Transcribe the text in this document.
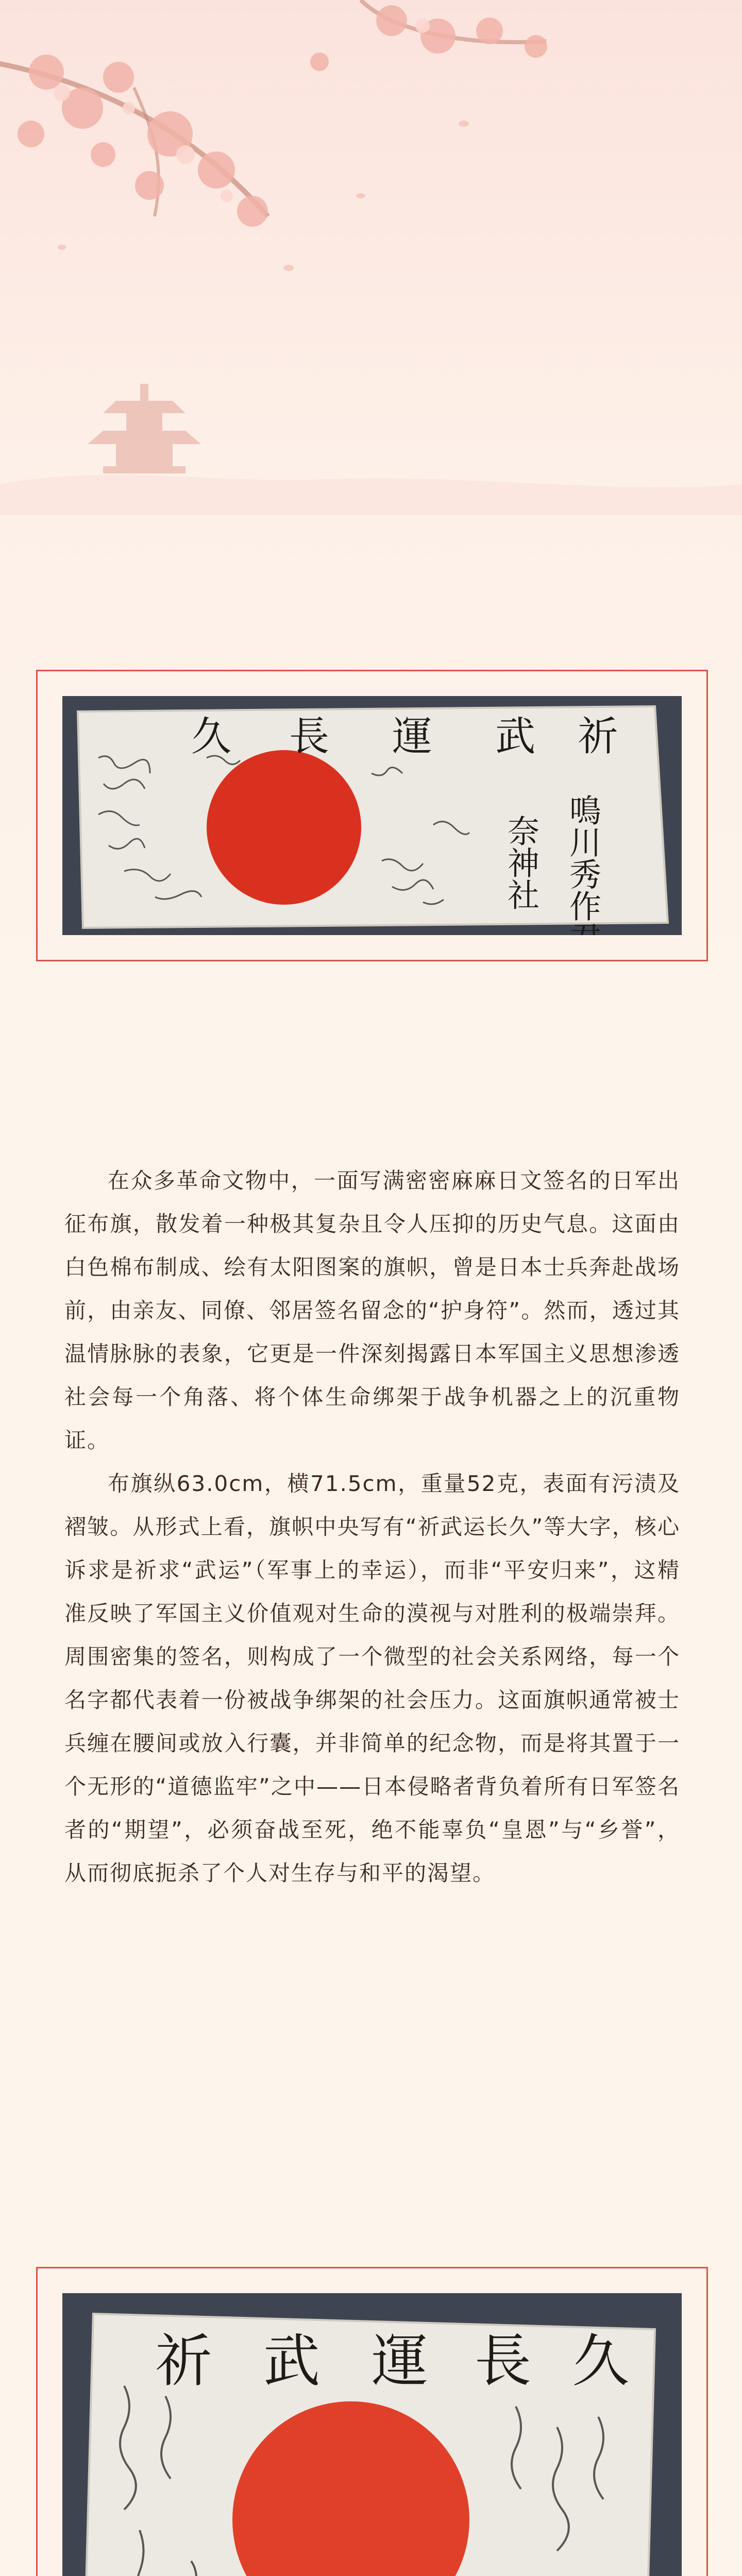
祈
武
運
長
久
鳴川秀作君
奈神社

在众多革命文物中，一面写满密密麻麻日文签名的日军出征布旗，散发着一种极其复杂且令人压抑的历史气息。这面由白色棉布制成、绘有太阳图案的旗帜，曾是日本士兵奔赴战场前，由亲友、同僚、邻居签名留念的“护身符”。然而，透过其温情脉脉的表象，它更是一件深刻揭露日本军国主义思想渗透社会每一个角落、将个体生命绑架于战争机器之上的沉重物证。

布旗纵63.0cm，横71.5cm，重量52克，表面有污渍及褶皱。从形式上看，旗帜中央写有“祈武运长久”等大字，核心诉求是祈求“武运”（军事上的幸运），而非“平安归来”，这精准反映了军国主义价值观对生命的漠视与对胜利的极端崇拜。周围密集的签名，则构成了一个微型的社会关系网络，每一个名字都代表着一份被战争绑架的社会压力。这面旗帜通常被士兵缠在腰间或放入行囊，并非简单的纪念物，而是将其置于一个无形的“道德监牢”之中——日本侵略者背负着所有日军签名者的“期望”，必须奋战至死，绝不能辜负“皇恩”与“乡誉”，从而彻底扼杀了个人对生存与和平的渴望。

祈 武 運 長 久
